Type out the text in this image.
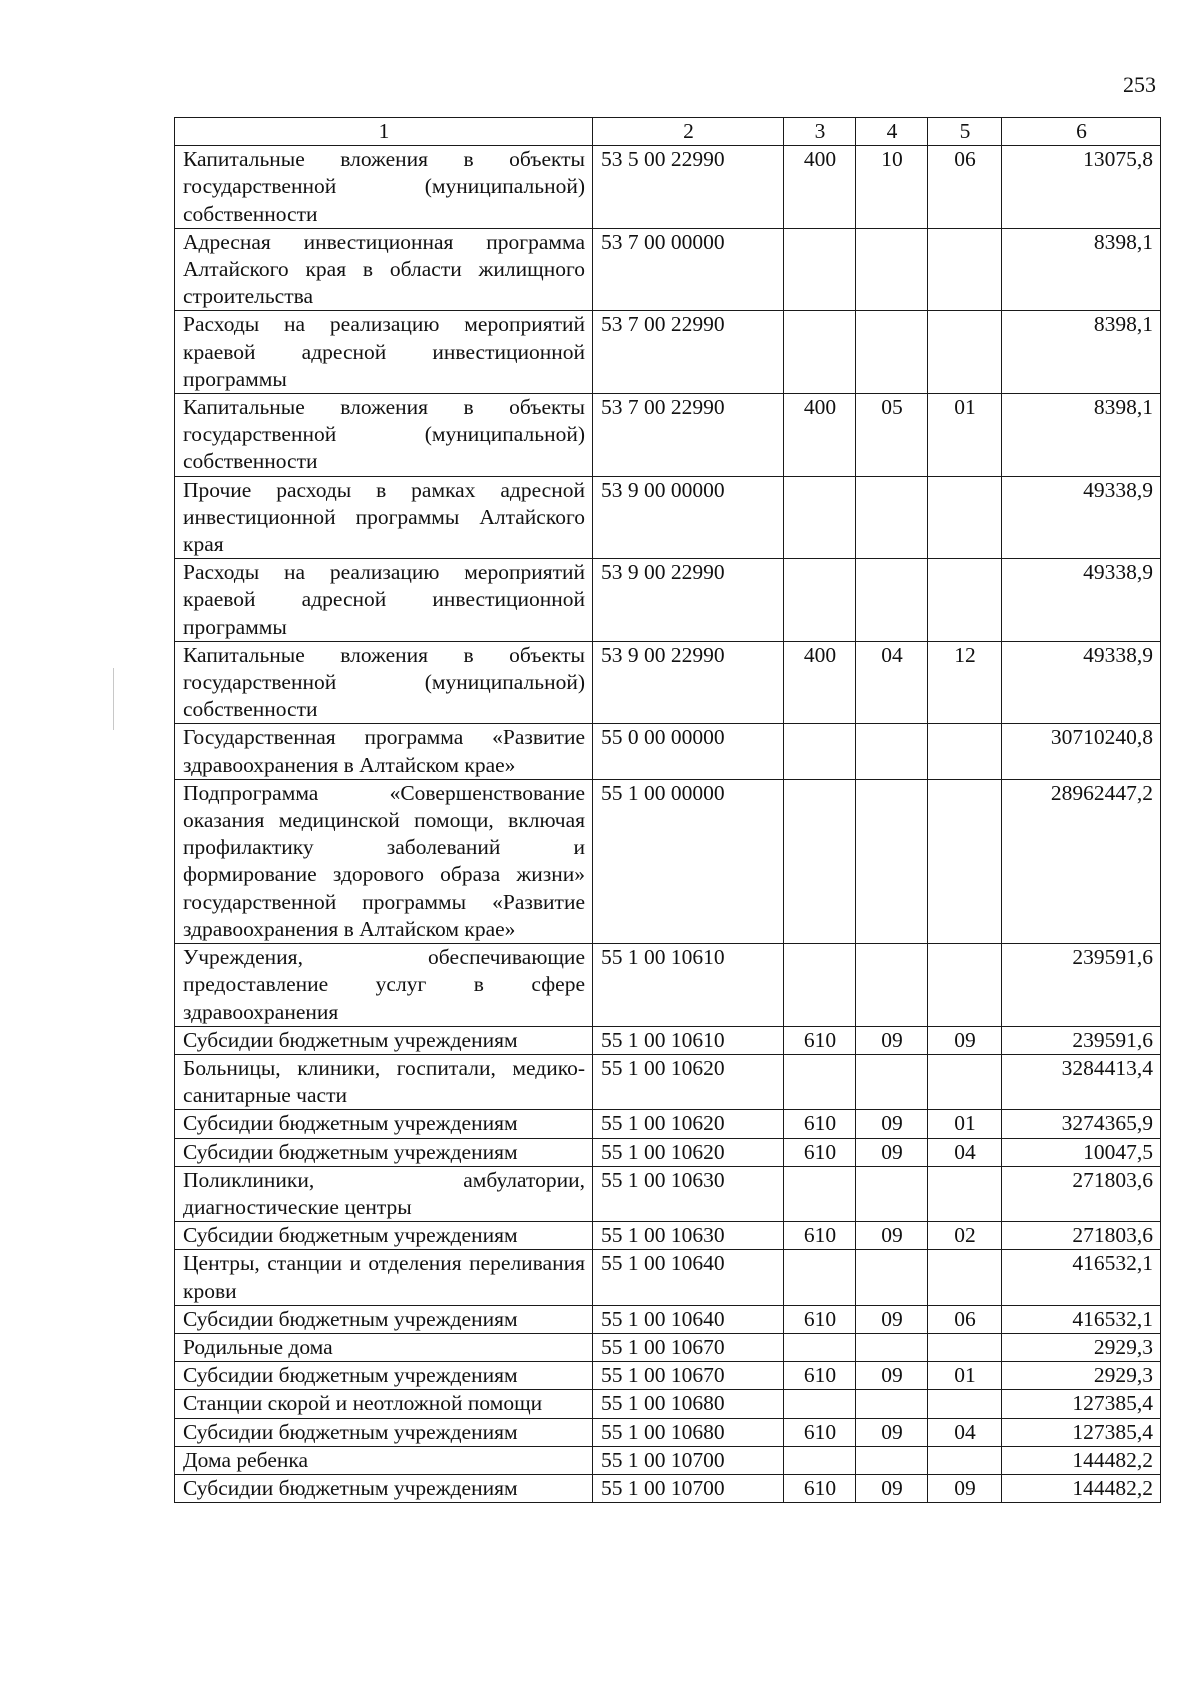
253
1	2	3	4	5	6
Капитальные вложения в объекты государственной (муниципальной) собственности	53 5 00 22990	400	10	06	13075,8
Адресная инвестиционная программа Алтайского края в области жилищного строительства	53 7 00 00000				8398,1
Расходы на реализацию мероприятий краевой адресной инвестиционной программы	53 7 00 22990				8398,1
Капитальные вложения в объекты государственной (муниципальной) собственности	53 7 00 22990	400	05	01	8398,1
Прочие расходы в рамках адресной инвестиционной программы Алтайского края	53 9 00 00000				49338,9
Расходы на реализацию мероприятий краевой адресной инвестиционной программы	53 9 00 22990				49338,9
Капитальные вложения в объекты государственной (муниципальной) собственности	53 9 00 22990	400	04	12	49338,9
Государственная программа «Развитие здравоохранения в Алтайском крае»	55 0 00 00000				30710240,8
Подпрограмма «Совершенствование оказания медицинской помощи, включая профилактику заболеваний и формирование здорового образа жизни» государственной программы «Развитие здравоохранения в Алтайском крае»	55 1 00 00000				28962447,2
Учреждения, обеспечивающие предоставление услуг в сфере здравоохранения	55 1 00 10610				239591,6
Субсидии бюджетным учреждениям	55 1 00 10610	610	09	09	239591,6
Больницы, клиники, госпитали, медико-санитарные части	55 1 00 10620				3284413,4
Субсидии бюджетным учреждениям	55 1 00 10620	610	09	01	3274365,9
Субсидии бюджетным учреждениям	55 1 00 10620	610	09	04	10047,5
Поликлиники, амбулатории, диагностические центры	55 1 00 10630				271803,6
Субсидии бюджетным учреждениям	55 1 00 10630	610	09	02	271803,6
Центры, станции и отделения переливания крови	55 1 00 10640				416532,1
Субсидии бюджетным учреждениям	55 1 00 10640	610	09	06	416532,1
Родильные дома	55 1 00 10670				2929,3
Субсидии бюджетным учреждениям	55 1 00 10670	610	09	01	2929,3
Станции скорой и неотложной помощи	55 1 00 10680				127385,4
Субсидии бюджетным учреждениям	55 1 00 10680	610	09	04	127385,4
Дома ребенка	55 1 00 10700				144482,2
Субсидии бюджетным учреждениям	55 1 00 10700	610	09	09	144482,2
